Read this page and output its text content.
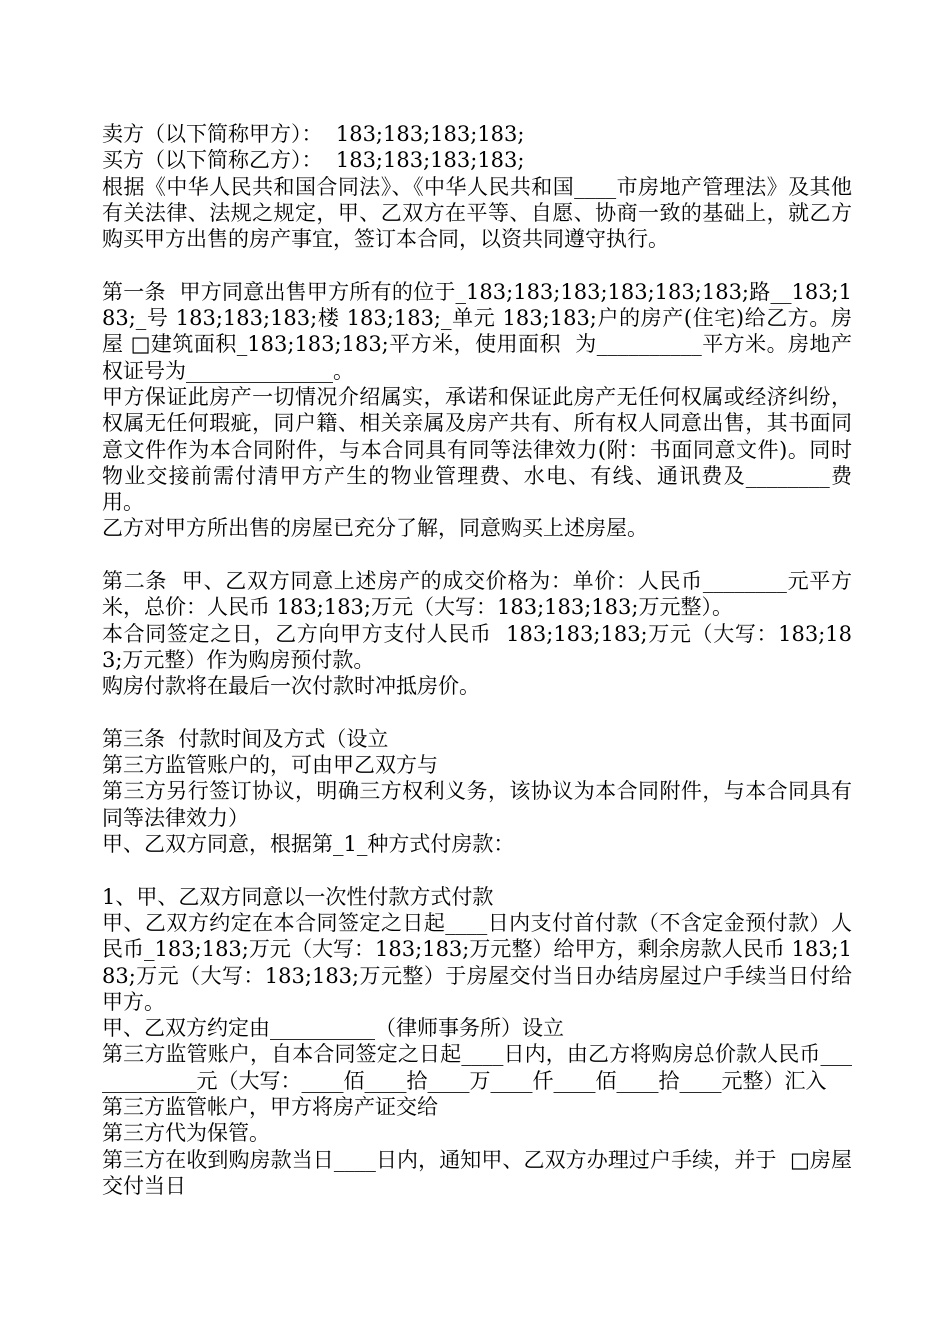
卖方（以下简称甲方）：  183;183;183;183;

买方（以下简称乙方）：  183;183;183;183;

根据《中华人民共和国合同法》、《中华人民共和国____市房地产管理法》及其他有关法律、法规之规定，甲、乙双方在平等、自愿、协商一致的基础上，就乙方购买甲方出售的房产事宜，签订本合同，以资共同遵守执行。

第一条  甲方同意出售甲方所有的位于_183;183;183;183;183;183;路__183;183;_号 183;183;183;楼 183;183;_单元 183;183;户的房产(住宅)给乙方。房屋 □建筑面积_183;183;183;平方米，使用面积  为__________平方米。房地产权证号为______________。

甲方保证此房产一切情况介绍属实，承诺和保证此房产无任何权属或经济纠纷，权属无任何瑕疵，同户籍、相关亲属及房产共有、所有权人同意出售，其书面同意文件作为本合同附件，与本合同具有同等法律效力(附：书面同意文件)。同时物业交接前需付清甲方产生的物业管理费、水电、有线、通讯费及________费用。

乙方对甲方所出售的房屋已充分了解，同意购买上述房屋。

第二条  甲、乙双方同意上述房产的成交价格为：单价：人民币________元平方米，总价：人民币 183;183;万元（大写：183;183;183;万元整）。

本合同签定之日，乙方向甲方支付人民币  183;183;183;万元（大写：183;183;万元整）作为购房预付款。

购房付款将在最后一次付款时冲抵房价。

第三条  付款时间及方式（设立

第三方监管账户的，可由甲乙双方与

第三方另行签订协议，明确三方权利义务，该协议为本合同附件，与本合同具有同等法律效力）

甲、乙双方同意，根据第_1_种方式付房款：

1、甲、乙双方同意以一次性付款方式付款

甲、乙双方约定在本合同签定之日起____日内支付首付款（不含定金预付款）人民币_183;183;万元（大写：183;183;万元整）给甲方，剩余房款人民币 183;183;万元（大写：183;183;万元整）于房屋交付当日办结房屋过户手续当日付给甲方。

甲、乙双方约定由__________（律师事务所）设立

第三方监管账户，自本合同签定之日起____日内，由乙方将购房总价款人民币____________元（大写：____佰____拾____万____仟____佰____拾____元整）汇入

第三方监管帐户，甲方将房产证交给

第三方代为保管。

第三方在收到购房款当日____日内，通知甲、乙双方办理过户手续，并于  □房屋交付当日
